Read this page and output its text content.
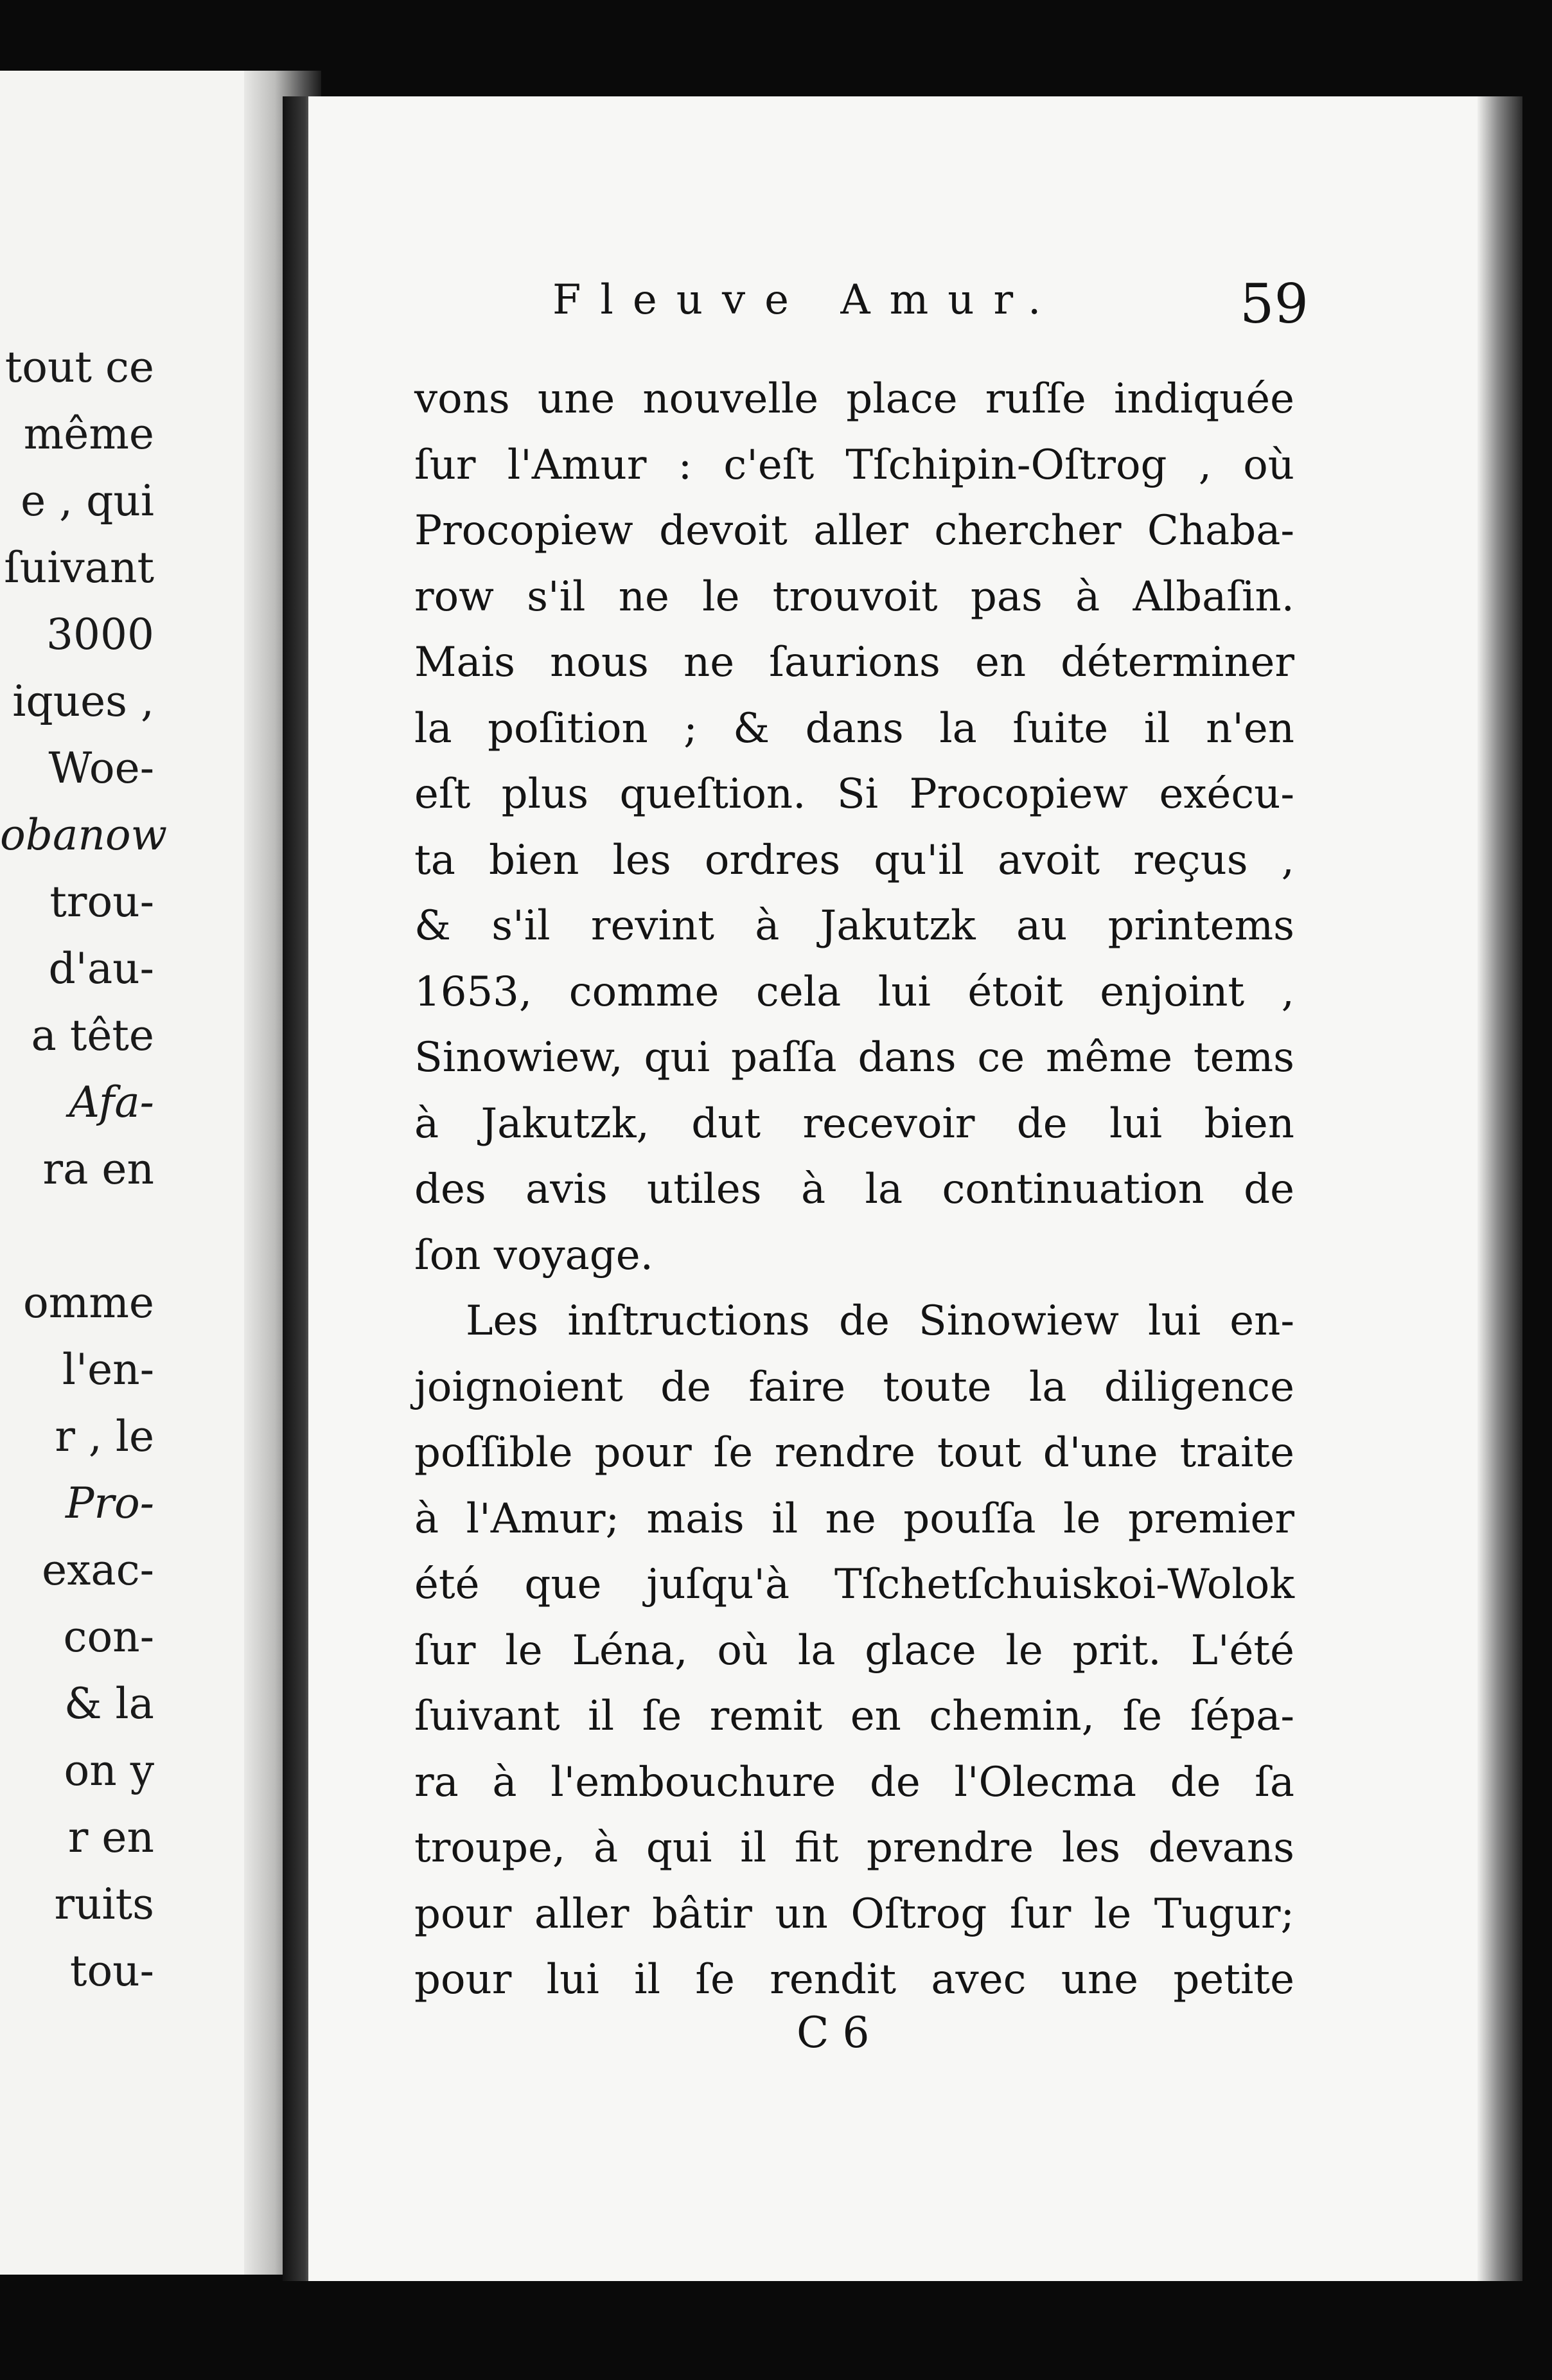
tout ce
même
e , qui
ſuivant
3000
iques ,
Woe-
obanow
trou-
d'au-
a tête
Afa-
ra en
omme
l'en-
r , le
Pro-
exac-
con-
& la
on y
r en
ruits
tou-
Fleuve Amur.	59
vons une nouvelle place ruſſe indiquée
ſur l'Amur : c'eſt Tſchipin-Oſtrog , où
Procopiew devoit aller chercher Chaba-
row s'il ne le trouvoit pas à Albaſin.
Mais nous ne ſaurions en déterminer
la poſition ; & dans la ſuite il n'en
eſt plus queſtion. Si Procopiew exécu-
ta bien les ordres qu'il avoit reçus ,
& s'il revint à Jakutzk au printems
1653, comme cela lui étoit enjoint ,
Sinowiew, qui paſſa dans ce même tems
à Jakutzk, dut recevoir de lui bien
des avis utiles à la continuation de
ſon voyage.
Les inſtructions de Sinowiew lui en-
joignoient de faire toute la diligence
poſſible pour ſe rendre tout d'une traite
à l'Amur; mais il ne pouſſa le premier
été que juſqu'à Tſchetſchuiskoi-Wolok
ſur le Léna, où la glace le prit. L'été
ſuivant il ſe remit en chemin, ſe ſépa-
ra à l'embouchure de l'Olecma de ſa
troupe, à qui il fit prendre les devans
pour aller bâtir un Oſtrog ſur le Tugur;
pour lui il ſe rendit avec une petite
C 6
